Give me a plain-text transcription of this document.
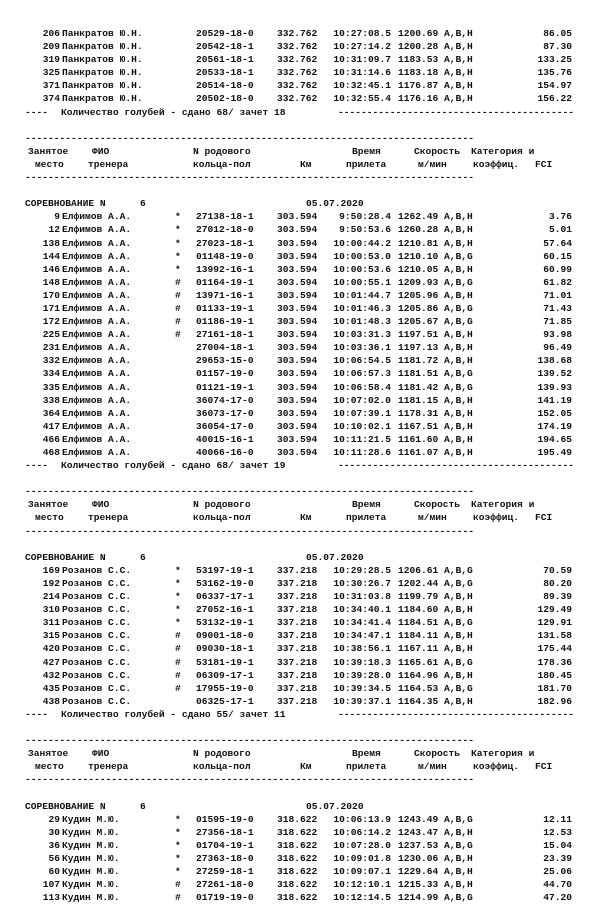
206 Панкратов Ю.Н.	20529-18-0 332.762	10:27:08.5 1200.69 A,B,H	86.05
209 Панкратов Ю.Н.	20542-18-1 332.762	10:27:14.2 1200.28 A,B,H	87.30
319 Панкратов Ю.Н.	20561-18-1 332.762	10:31:09.7 1183.53 A,B,H	133.25
325 Панкратов Ю.Н.	20533-18-1 332.762	10:31:14.6 1183.18 A,B,H	135.76
371 Панкратов Ю.Н.	20514-18-0 332.762	10:32:45.1 1176.87 A,B,H	154.97
374 Панкратов Ю.Н.	20502-18-0 332.762	10:32:55.4 1176.16 A,B,H	156.22
---- Количество голубей - сдано 68/ зачет 18	-----------------------------------------
------------------------------------------------------------------------------
Занятое ФИО	N родового	Время	Скорость Категория и
место	тренера	кольца-пол	Км	прилета	м/мин	коэффиц. FCI
------------------------------------------------------------------------------
СОРЕВНОВАНИЕ N	6	05.07.2020
9 Елфимов А.А.	* 27138-18-1 303.594	9:50:28.4 1262.49 A,B,H	3.76
12 Елфимов А.А.	* 27012-18-0 303.594	9:50:53.6 1260.28 A,B,H	5.01
138 Елфимов А.А.	* 27023-18-1 303.594	10:00:44.2 1210.81 A,B,H	57.64
144 Елфимов А.А.	* 01148-19-0 303.594	10:00:53.0 1210.10 A,B,G	60.15
146 Елфимов А.А.	* 13992-16-1 303.594	10:00:53.6 1210.05 A,B,H	60.99
148 Елфимов А.А.	# 01164-19-1 303.594	10:00:55.1 1209.93 A,B,G	61.82
170 Елфимов А.А.	# 13971-16-1 303.594	10:01:44.7 1205.96 A,B,H	71.01
171 Елфимов А.А.	# 01133-19-1 303.594	10:01:46.3 1205.86 A,B,G	71.43
172 Елфимов А.А.	# 01186-19-1 303.594	10:01:48.3 1205.67 A,B,G	71.85
225 Елфимов А.А.	# 27161-18-1 303.594	10:03:31.3 1197.51 A,B,H	93.98
231 Елфимов А.А.	27004-18-1 303.594	10:03:36.1 1197.13 A,B,H	96.49
332 Елфимов А.А.	29653-15-0 303.594	10:06:54.5 1181.72 A,B,H	138.68
334 Елфимов А.А.	01157-19-0 303.594	10:06:57.3 1181.51 A,B,G	139.52
335 Елфимов А.А.	01121-19-1 303.594	10:06:58.4 1181.42 A,B,G	139.93
338 Елфимов А.А.	36074-17-0 303.594	10:07:02.0 1181.15 A,B,H	141.19
364 Елфимов А.А.	36073-17-0 303.594	10:07:39.1 1178.31 A,B,H	152.05
417 Елфимов А.А.	36054-17-0 303.594	10:10:02.1 1167.51 A,B,H	174.19
466 Елфимов А.А.	40015-16-1 303.594	10:11:21.5 1161.60 A,B,H	194.65
468 Елфимов А.А.	40066-16-0 303.594	10:11:28.6 1161.07 A,B,H	195.49
---- Количество голубей - сдано 68/ зачет 19	-----------------------------------------
------------------------------------------------------------------------------
Занятое ФИО	N родового	Время	Скорость Категория и
место	тренера	кольца-пол	Км	прилета	м/мин	коэффиц. FCI
------------------------------------------------------------------------------
СОРЕВНОВАНИЕ N	6	05.07.2020
169 Розанов С.С.	* 53197-19-1 337.218	10:29:28.5 1206.61 A,B,G	70.59
192 Розанов С.С.	* 53162-19-0 337.218	10:30:26.7 1202.44 A,B,G	80.20
214 Розанов С.С.	* 06337-17-1 337.218	10:31:03.8 1199.79 A,B,H	89.39
310 Розанов С.С.	* 27052-16-1 337.218	10:34:40.1 1184.60 A,B,H	129.49
311 Розанов С.С.	* 53132-19-1 337.218	10:34:41.4 1184.51 A,B,G	129.91
315 Розанов С.С.	# 09001-18-0 337.218	10:34:47.1 1184.11 A,B,H	131.58
420 Розанов С.С.	# 09030-18-1 337.218	10:38:56.1 1167.11 A,B,H	175.44
427 Розанов С.С.	# 53181-19-1 337.218	10:39:18.3 1165.61 A,B,G	178.36
432 Розанов С.С.	# 06309-17-1 337.218	10:39:28.0 1164.96 A,B,H	180.45
435 Розанов С.С.	# 17955-19-0 337.218	10:39:34.5 1164.53 A,B,G	181.70
438 Розанов С.С.	06325-17-1 337.218	10:39:37.1 1164.35 A,B,H	182.96
---- Количество голубей - сдано 55/ зачет 11	-----------------------------------------
------------------------------------------------------------------------------
Занятое ФИО	N родового	Время	Скорость Категория и
место	тренера	кольца-пол	Км	прилета	м/мин	коэффиц. FCI
------------------------------------------------------------------------------
СОРЕВНОВАНИЕ N	6	05.07.2020
29 Кудин М.Ю.	* 01595-19-0 318.622	10:06:13.9 1243.49 A,B,G	12.11
30 Кудин М.Ю.	* 27356-18-1 318.622	10:06:14.2 1243.47 A,B,H	12.53
36 Кудин М.Ю.	* 01704-19-1 318.622	10:07:28.0 1237.53 A,B,G	15.04
56 Кудин М.Ю.	* 27363-18-0 318.622	10:09:01.8 1230.06 A,B,H	23.39
60 Кудин М.Ю.	* 27259-18-1 318.622	10:09:07.1 1229.64 A,B,H	25.06
107 Кудин М.Ю.	# 27261-18-0 318.622	10:12:10.1 1215.33 A,B,H	44.70
113 Кудин М.Ю.	# 01719-19-0 318.622	10:12:14.5 1214.99 A,B,G	47.20
